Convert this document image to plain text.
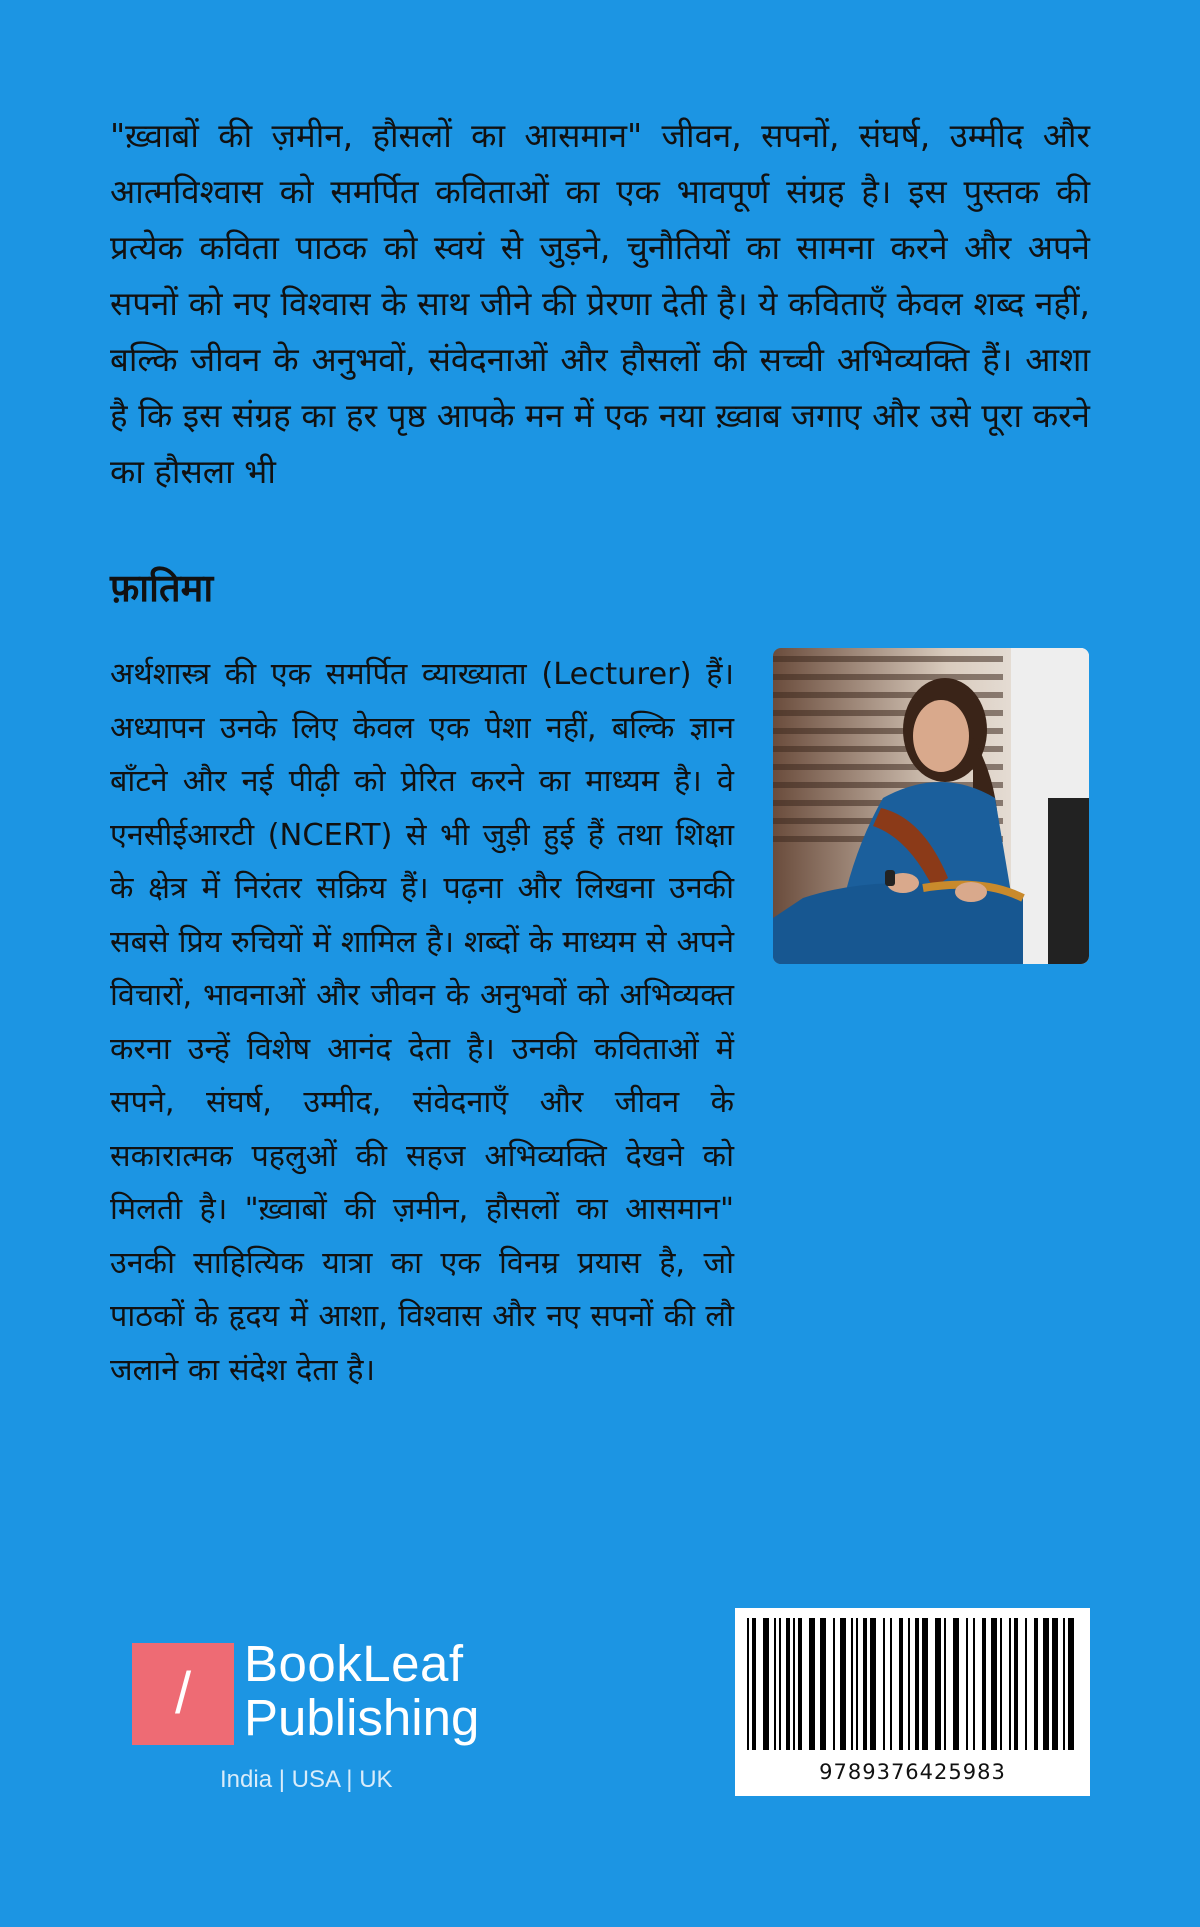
"ख़्वाबों की ज़मीन, हौसलों का आसमान" जीवन, सपनों, संघर्ष, उम्मीद और आत्मविश्वास को समर्पित कविताओं का एक भावपूर्ण संग्रह है। इस पुस्तक की प्रत्येक कविता पाठक को स्वयं से जुड़ने, चुनौतियों का सामना करने और अपने सपनों को नए विश्वास के साथ जीने की प्रेरणा देती है। ये कविताएँ केवल शब्द नहीं, बल्कि जीवन के अनुभवों, संवेदनाओं और हौसलों की सच्ची अभिव्यक्ति हैं। आशा है कि इस संग्रह का हर पृष्ठ आपके मन में एक नया ख़्वाब जगाए और उसे पूरा करने का हौसला भी

फ़ातिमा

अर्थशास्त्र की एक समर्पित व्याख्याता (Lecturer) हैं। अध्यापन उनके लिए केवल एक पेशा नहीं, बल्कि ज्ञान बाँटने और नई पीढ़ी को प्रेरित करने का माध्यम है। वे एनसीईआरटी (NCERT) से भी जुड़ी हुई हैं तथा शिक्षा के क्षेत्र में निरंतर सक्रिय हैं। पढ़ना और लिखना उनकी सबसे प्रिय रुचियों में शामिल है। शब्दों के माध्यम से अपने विचारों, भावनाओं और जीवन के अनुभवों को अभिव्यक्त करना उन्हें विशेष आनंद देता है। उनकी कविताओं में सपने, संघर्ष, उम्मीद, संवेदनाएँ और जीवन के सकारात्मक पहलुओं की सहज अभिव्यक्ति देखने को मिलती है। "ख़्वाबों की ज़मीन, हौसलों का आसमान" उनकी साहित्यिक यात्रा का एक विनम्र प्रयास है, जो पाठकों के हृदय में आशा, विश्वास और नए सपनों की लौ जलाने का संदेश देता है।

/ BookLeaf
Publishing
India | USA | UK	9789376425983
